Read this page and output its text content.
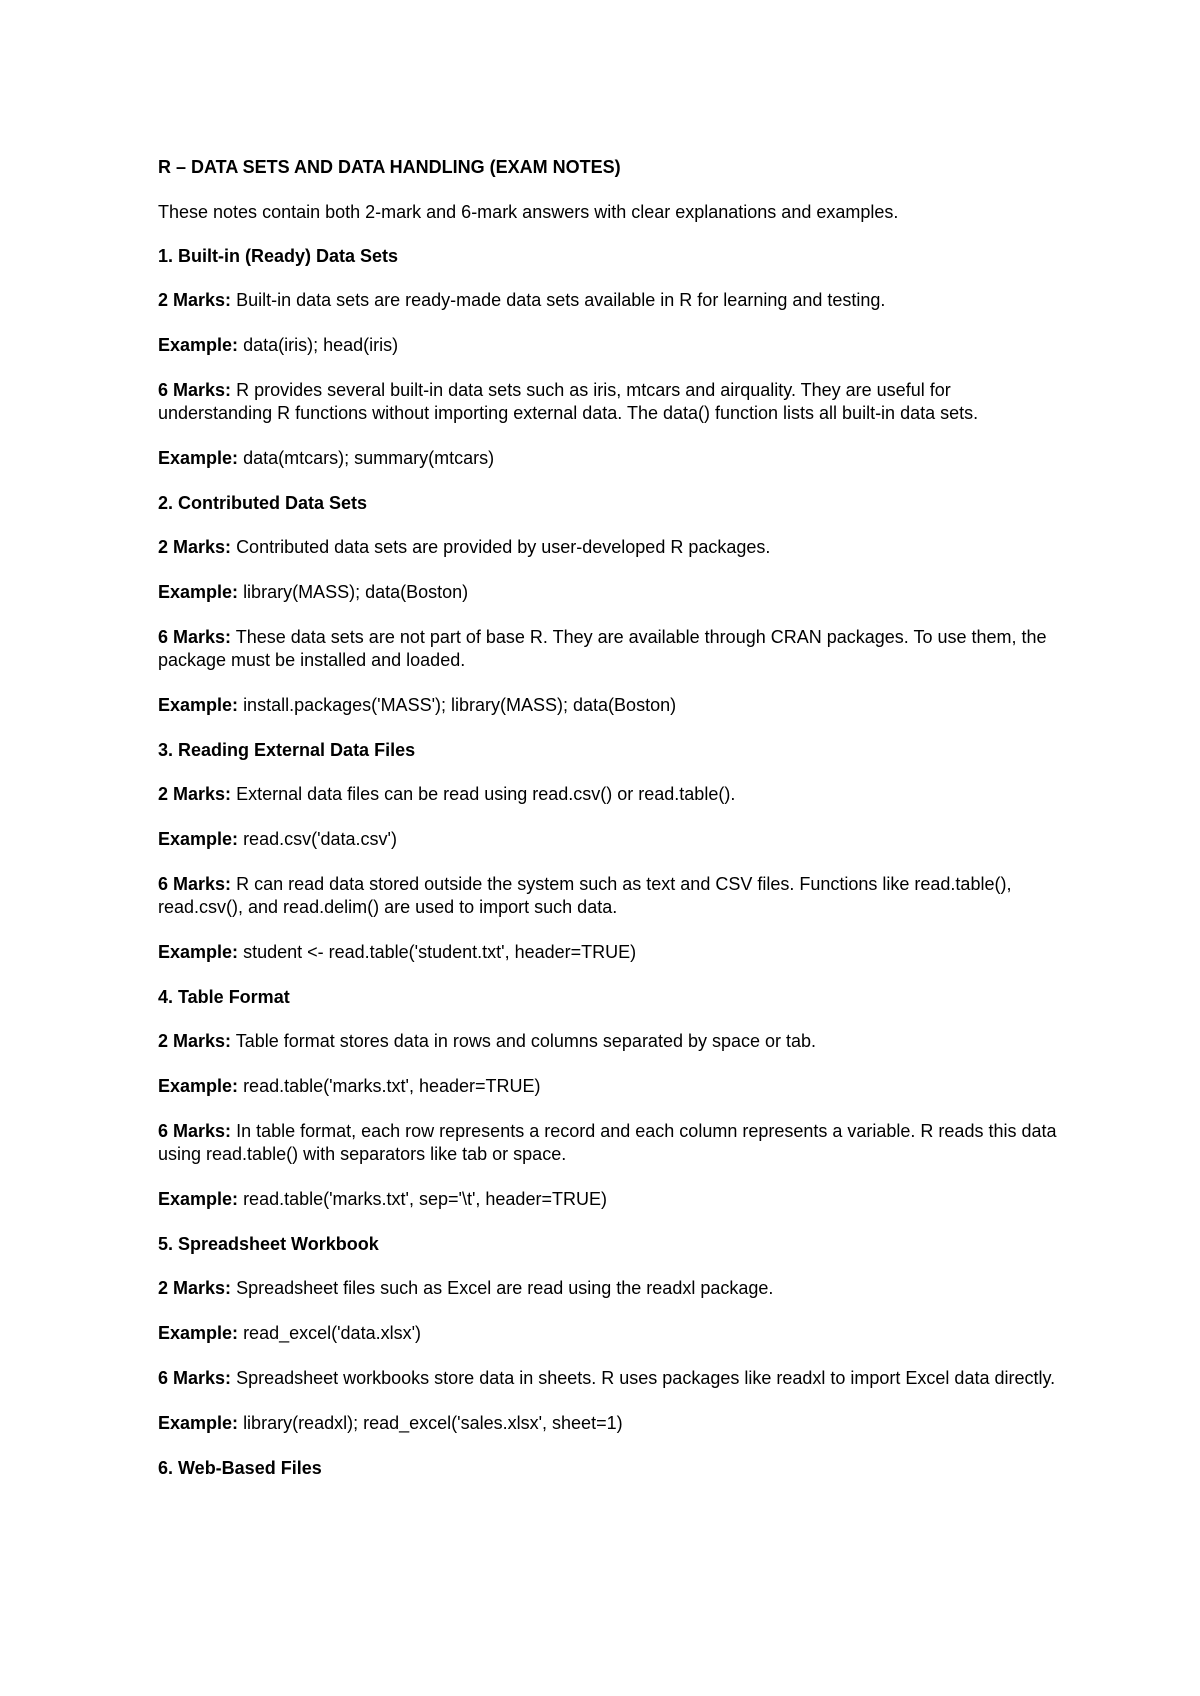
R – DATA SETS AND DATA HANDLING (EXAM NOTES)
These notes contain both 2-mark and 6-mark answers with clear explanations and examples.
1. Built-in (Ready) Data Sets
2 Marks: Built-in data sets are ready-made data sets available in R for learning and testing.
Example: data(iris); head(iris)
6 Marks: R provides several built-in data sets such as iris, mtcars and airquality. They are useful for understanding R functions without importing external data. The data() function lists all built-in data sets.
Example: data(mtcars); summary(mtcars)
2. Contributed Data Sets
2 Marks: Contributed data sets are provided by user-developed R packages.
Example: library(MASS); data(Boston)
6 Marks: These data sets are not part of base R. They are available through CRAN packages. To use them, the package must be installed and loaded.
Example: install.packages('MASS'); library(MASS); data(Boston)
3. Reading External Data Files
2 Marks: External data files can be read using read.csv() or read.table().
Example: read.csv('data.csv')
6 Marks: R can read data stored outside the system such as text and CSV files. Functions like read.table(), read.csv(), and read.delim() are used to import such data.
Example: student <- read.table('student.txt', header=TRUE)
4. Table Format
2 Marks: Table format stores data in rows and columns separated by space or tab.
Example: read.table('marks.txt', header=TRUE)
6 Marks: In table format, each row represents a record and each column represents a variable. R reads this data using read.table() with separators like tab or space.
Example: read.table('marks.txt', sep='\t', header=TRUE)
5. Spreadsheet Workbook
2 Marks: Spreadsheet files such as Excel are read using the readxl package.
Example: read_excel('data.xlsx')
6 Marks: Spreadsheet workbooks store data in sheets. R uses packages like readxl to import Excel data directly.
Example: library(readxl); read_excel('sales.xlsx', sheet=1)
6. Web-Based Files
